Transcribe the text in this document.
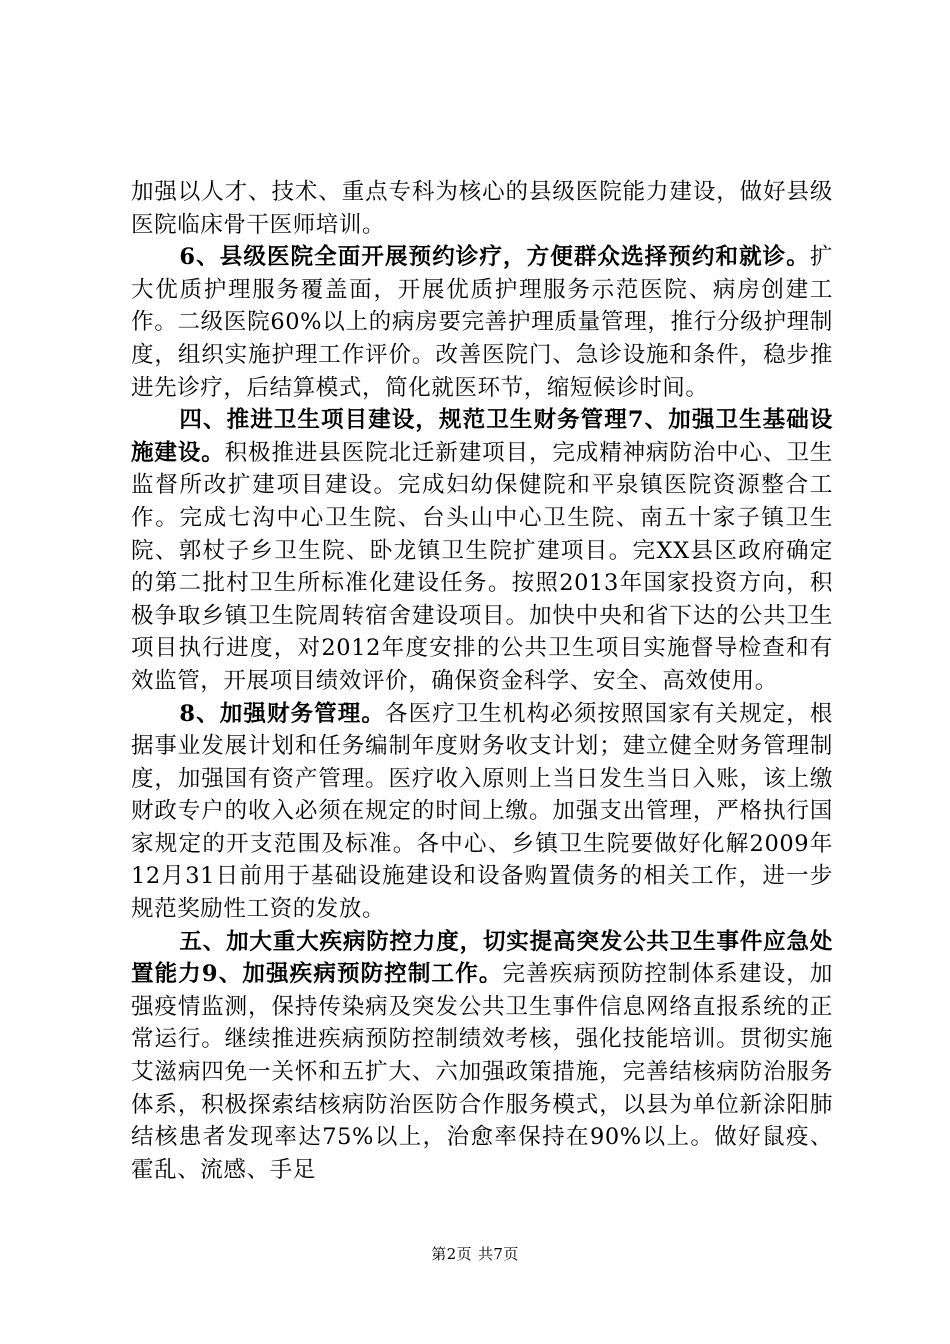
加强以人才、技术、重点专科为核心的县级医院能力建设，做好县级医院临床骨干医师培训。

6、县级医院全面开展预约诊疗，方便群众选择预约和就诊。扩大优质护理服务覆盖面，开展优质护理服务示范医院、病房创建工作。二级医院60%以上的病房要完善护理质量管理，推行分级护理制度，组织实施护理工作评价。改善医院门、急诊设施和条件，稳步推进先诊疗，后结算模式，简化就医环节，缩短候诊时间。

四、推进卫生项目建设，规范卫生财务管理7、加强卫生基础设施建设。积极推进县医院北迁新建项目，完成精神病防治中心、卫生监督所改扩建项目建设。完成妇幼保健院和平泉镇医院资源整合工作。完成七沟中心卫生院、台头山中心卫生院、南五十家子镇卫生院、郭杖子乡卫生院、卧龙镇卫生院扩建项目。完XX县区政府确定的第二批村卫生所标准化建设任务。按照2013年国家投资方向，积极争取乡镇卫生院周转宿舍建设项目。加快中央和省下达的公共卫生项目执行进度，对2012年度安排的公共卫生项目实施督导检查和有效监管，开展项目绩效评价，确保资金科学、安全、高效使用。

8、加强财务管理。各医疗卫生机构必须按照国家有关规定，根据事业发展计划和任务编制年度财务收支计划；建立健全财务管理制度，加强国有资产管理。医疗收入原则上当日发生当日入账，该上缴财政专户的收入必须在规定的时间上缴。加强支出管理，严格执行国家规定的开支范围及标准。各中心、乡镇卫生院要做好化解2009年12月31日前用于基础设施建设和设备购置债务的相关工作，进一步规范奖励性工资的发放。

五、加大重大疾病防控力度，切实提高突发公共卫生事件应急处置能力9、加强疾病预防控制工作。完善疾病预防控制体系建设，加强疫情监测，保持传染病及突发公共卫生事件信息网络直报系统的正常运行。继续推进疾病预防控制绩效考核，强化技能培训。贯彻实施艾滋病四免一关怀和五扩大、六加强政策措施，完善结核病防治服务体系，积极探索结核病防治医防合作服务模式，以县为单位新涂阳肺结核患者发现率达75%以上，治愈率保持在90%以上。做好鼠疫、霍乱、流感、手足

第2页 共7页
